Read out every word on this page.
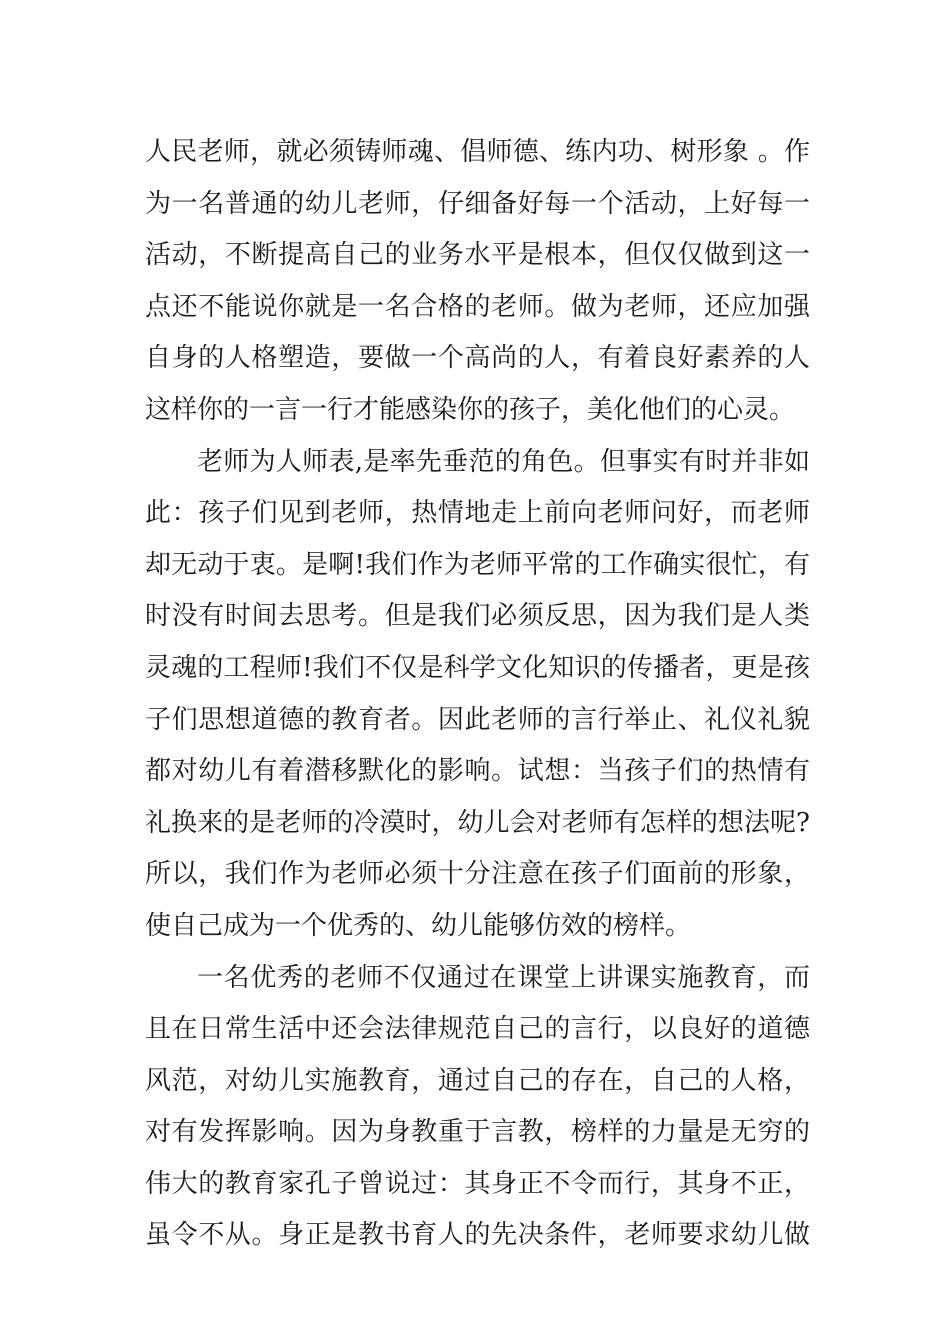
人民老师，就必须铸师魂、倡师德、练内功、树形象 。作
为一名普通的幼儿老师，仔细备好每一个活动，上好每一
活动，不断提高自己的业务水平是根本，但仅仅做到这一
点还不能说你就是一名合格的老师。做为老师，还应加强
自身的人格塑造，要做一个高尚的人，有着良好素养的人
这样你的一言一行才能感染你的孩子，美化他们的心灵。
老师为人师表,是率先垂范的角色。但事实有时并非如
此：孩子们见到老师，热情地走上前向老师问好，而老师
却无动于衷。是啊!我们作为老师平常的工作确实很忙，有
时没有时间去思考。但是我们必须反思，因为我们是人类
灵魂的工程师!我们不仅是科学文化知识的传播者，更是孩
子们思想道德的教育者。因此老师的言行举止、礼仪礼貌
都对幼儿有着潜移默化的影响。试想：当孩子们的热情有
礼换来的是老师的冷漠时，幼儿会对老师有怎样的想法呢?
所以，我们作为老师必须十分注意在孩子们面前的形象，
使自己成为一个优秀的、幼儿能够仿效的榜样。
一名优秀的老师不仅通过在课堂上讲课实施教育，而
且在日常生活中还会法律规范自己的言行，以良好的道德
风范，对幼儿实施教育，通过自己的存在，自己的人格，
对有发挥影响。因为身教重于言教，榜样的力量是无穷的
伟大的教育家孔子曾说过：其身正不令而行，其身不正，
虽令不从。身正是教书育人的先决条件，老师要求幼儿做
